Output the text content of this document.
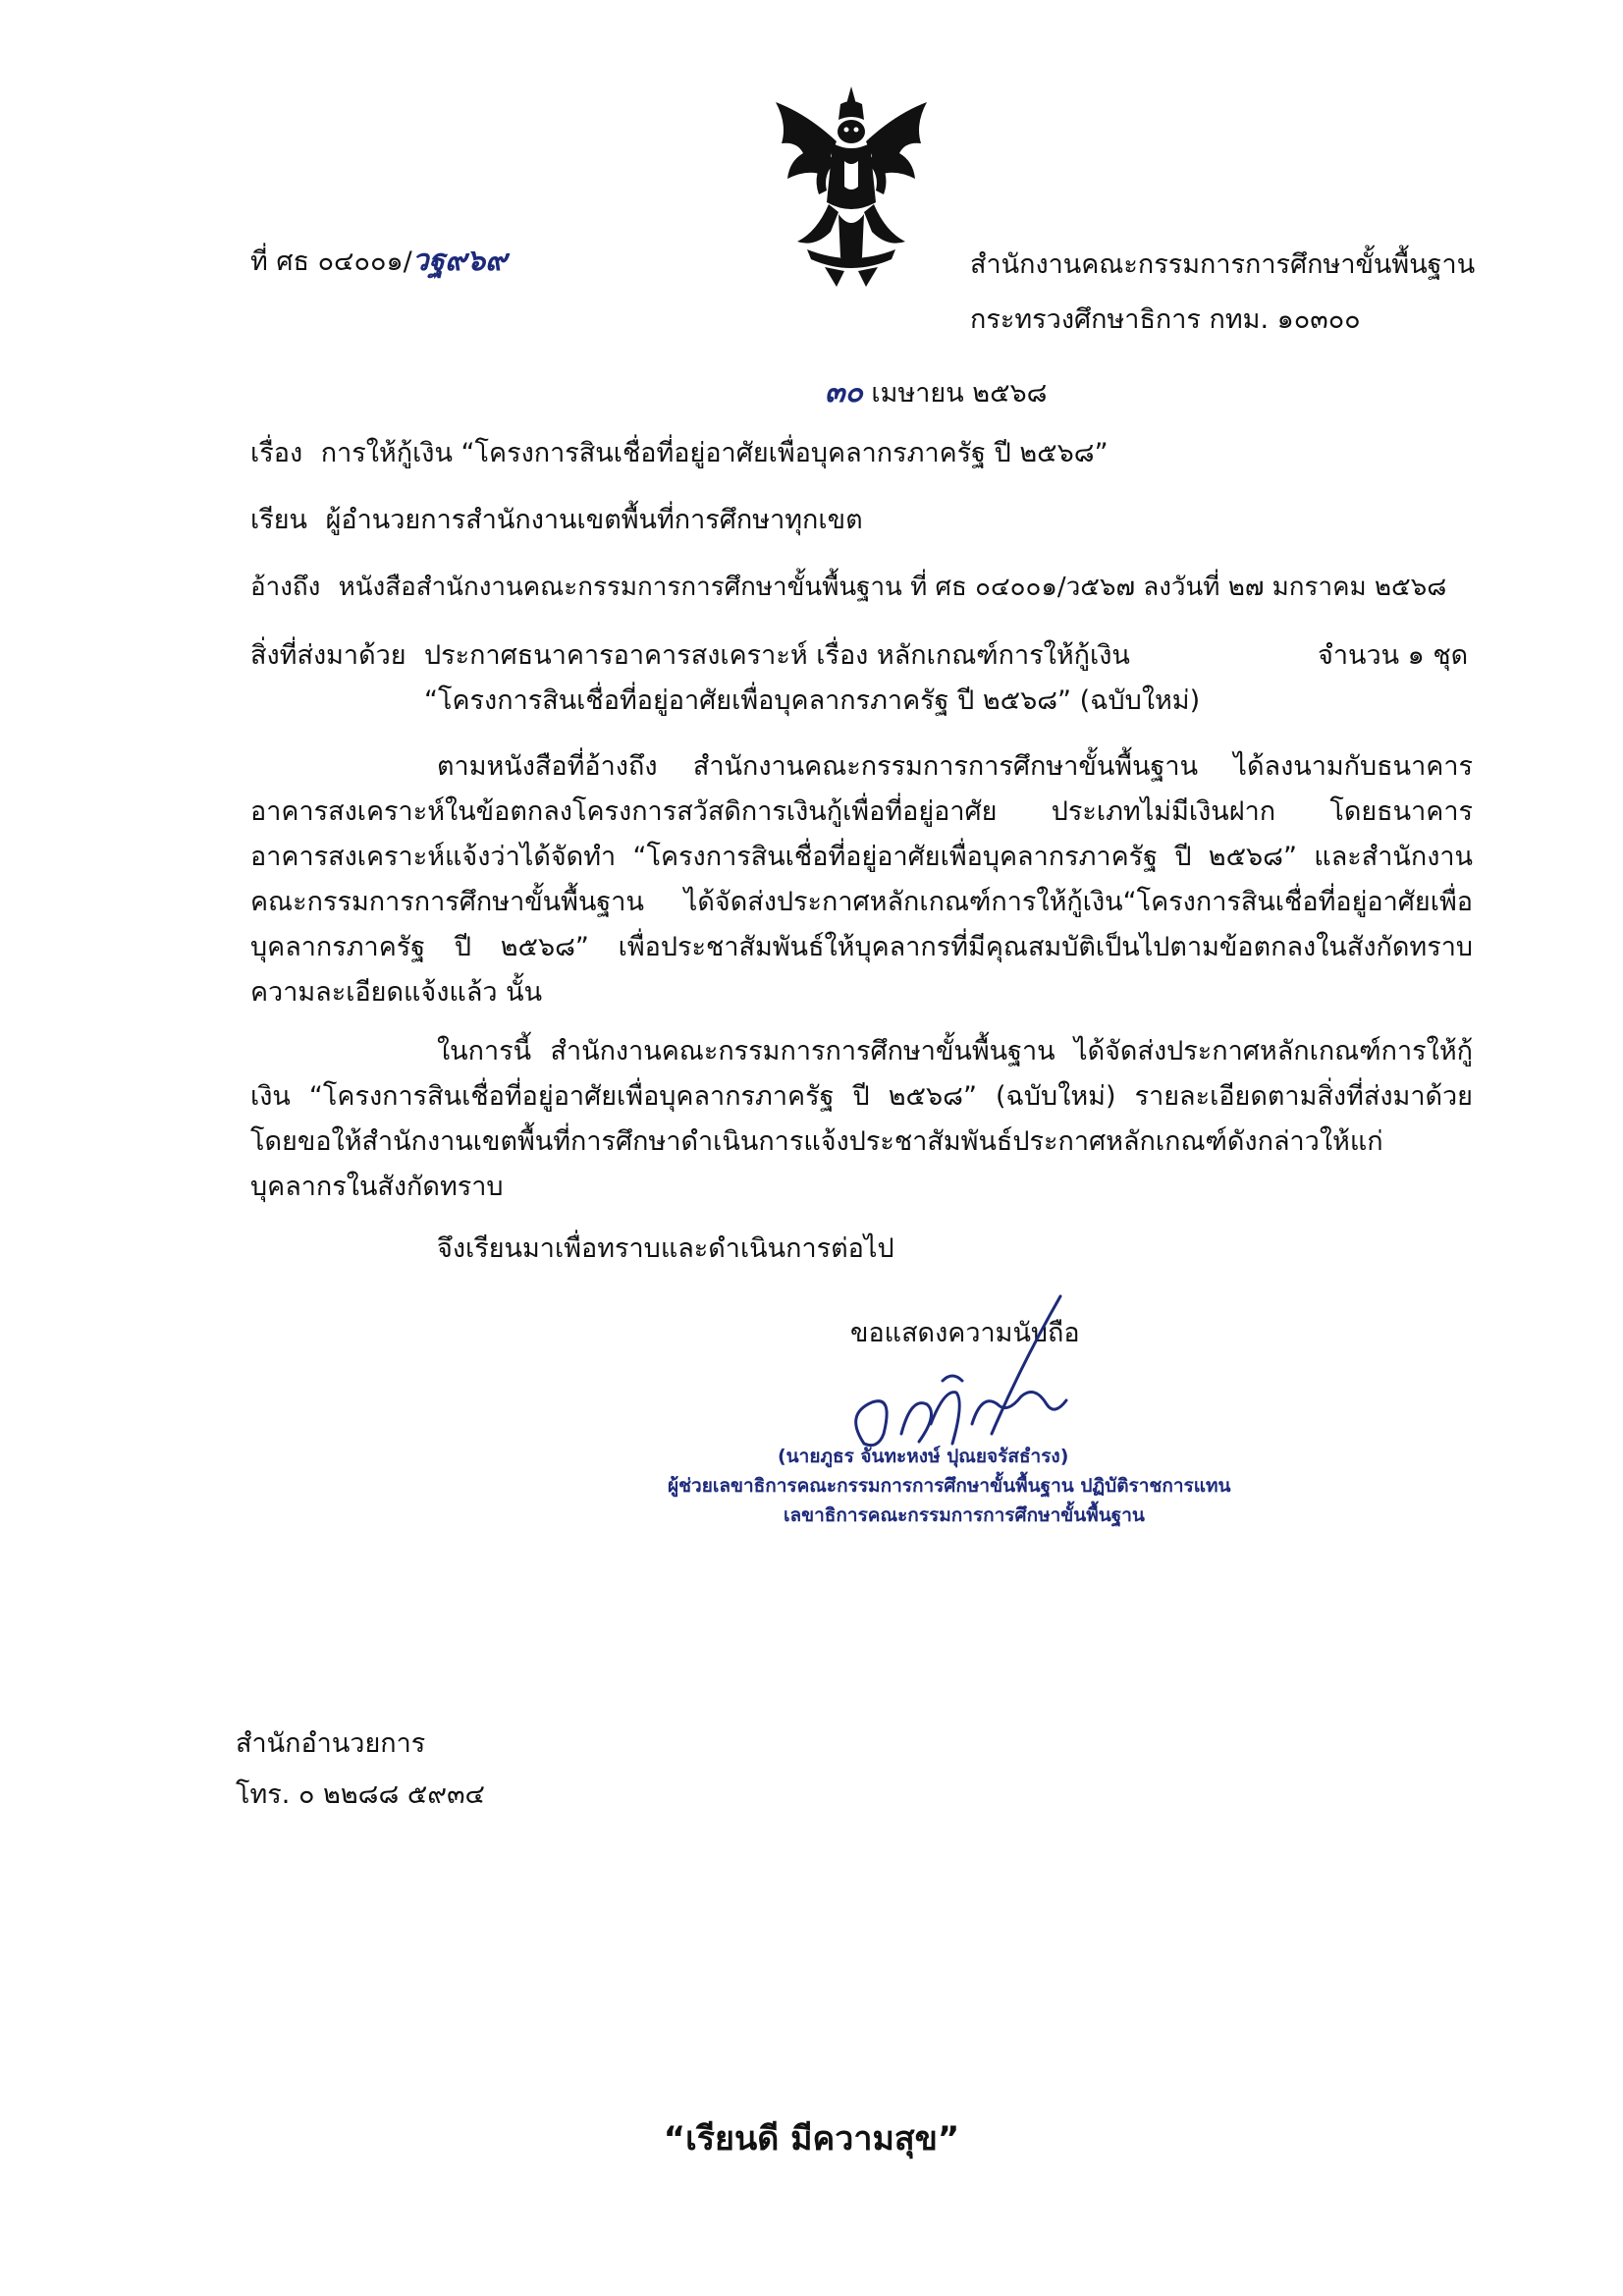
ที่ ศธ ๐๔๐๐๑/วฐ๙๖๙	สำนักงานคณะกรรมการการศึกษาขั้นพื้นฐาน
กระทรวงศึกษาธิการ กทม. ๑๐๓๐๐
๓๐ เมษายน ๒๕๖๘
เรื่อง การให้กู้เงิน “โครงการสินเชื่อที่อยู่อาศัยเพื่อบุคลากรภาครัฐ ปี ๒๕๖๘”
เรียน ผู้อำนวยการสำนักงานเขตพื้นที่การศึกษาทุกเขต
อ้างถึง หนังสือสำนักงานคณะกรรมการการศึกษาขั้นพื้นฐาน ที่ ศธ ๐๔๐๐๑/ว๕๖๗ ลงวันที่ ๒๗ มกราคม ๒๕๖๘
สิ่งที่ส่งมาด้วย ประกาศธนาคารอาคารสงเคราะห์ เรื่อง หลักเกณฑ์การให้กู้เงิน	จำนวน ๑ ชุด
“โครงการสินเชื่อที่อยู่อาศัยเพื่อบุคลากรภาครัฐ ปี ๒๕๖๘” (ฉบับใหม่)
ตามหนังสือที่อ้างถึง สำนักงานคณะกรรมการการศึกษาขั้นพื้นฐาน ได้ลงนามกับธนาคารอาคารสงเคราะห์ในข้อตกลงโครงการสวัสดิการเงินกู้เพื่อที่อยู่อาศัย ประเภทไม่มีเงินฝาก โดยธนาคารอาคารสงเคราะห์แจ้งว่าได้จัดทำ “โครงการสินเชื่อที่อยู่อาศัยเพื่อบุคลากรภาครัฐ ปี ๒๕๖๘” และสำนักงานคณะกรรมการการศึกษาขั้นพื้นฐาน ได้จัดส่งประกาศหลักเกณฑ์การให้กู้เงิน“โครงการสินเชื่อที่อยู่อาศัยเพื่อบุคลากรภาครัฐ ปี ๒๕๖๘” เพื่อประชาสัมพันธ์ให้บุคลากรที่มีคุณสมบัติเป็นไปตามข้อตกลงในสังกัดทราบความละเอียดแจ้งแล้ว นั้น
ในการนี้ สำนักงานคณะกรรมการการศึกษาขั้นพื้นฐาน ได้จัดส่งประกาศหลักเกณฑ์การให้กู้เงิน “โครงการสินเชื่อที่อยู่อาศัยเพื่อบุคลากรภาครัฐ ปี ๒๕๖๘” (ฉบับใหม่) รายละเอียดตามสิ่งที่ส่งมาด้วย โดยขอให้สำนักงานเขตพื้นที่การศึกษาดำเนินการแจ้งประชาสัมพันธ์ประกาศหลักเกณฑ์ดังกล่าวให้แก่บุคลากรในสังกัดทราบ
จึงเรียนมาเพื่อทราบและดำเนินการต่อไป
ขอแสดงความนับถือ
(นายภูธร จันทะหงษ์ ปุณยจรัสธำรง)
ผู้ช่วยเลขาธิการคณะกรรมการการศึกษาขั้นพื้นฐาน ปฏิบัติราชการแทน
เลขาธิการคณะกรรมการการศึกษาขั้นพื้นฐาน
สำนักอำนวยการ
โทร. ๐ ๒๒๘๘ ๕๙๓๔
“เรียนดี มีความสุข”
